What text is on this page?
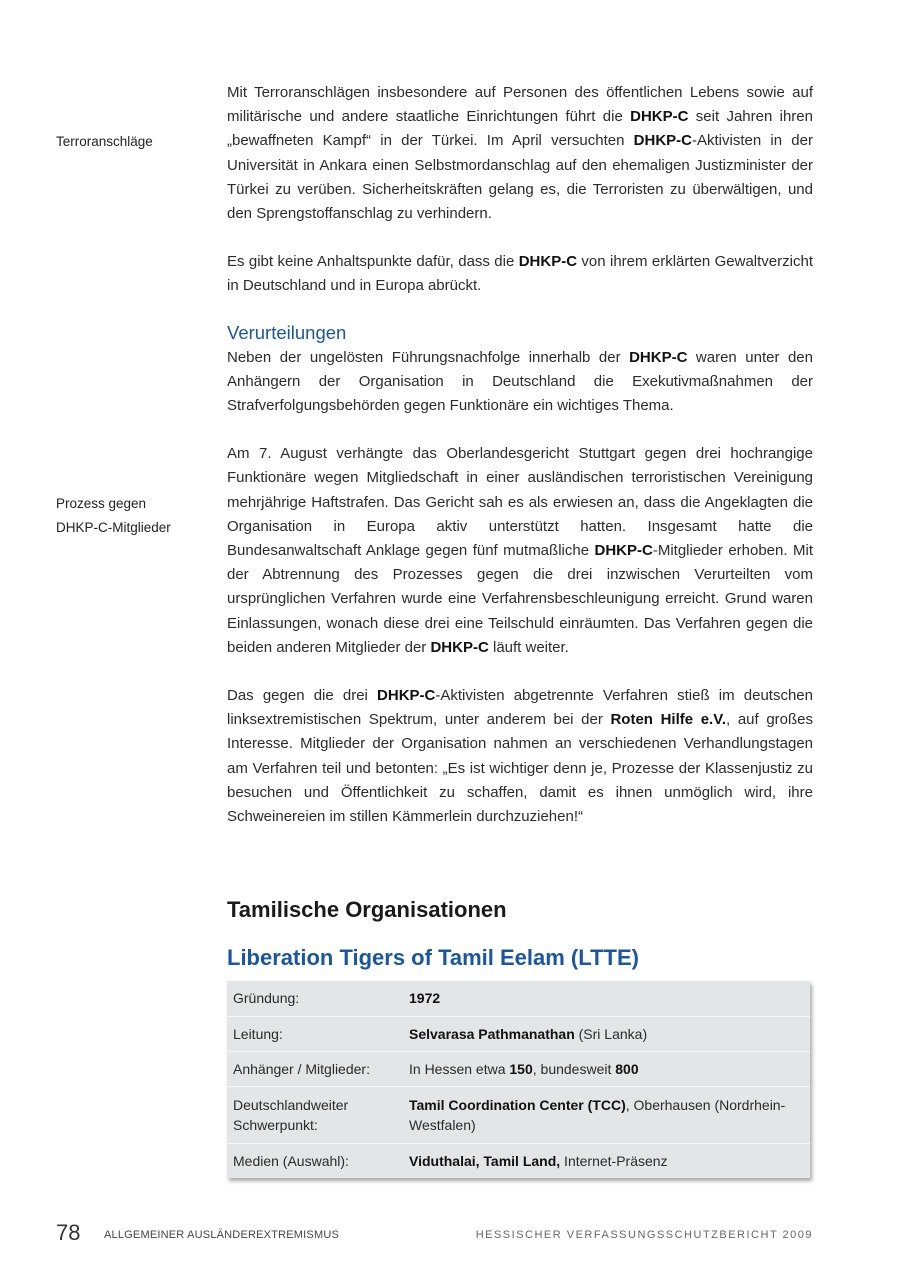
Terroranschläge
Prozess gegen
DHKP-C-Mitglieder

Mit Terroranschlägen insbesondere auf Personen des öffentlichen Lebens sowie auf militärische und andere staatliche Einrichtungen führt die DHKP-C seit Jahren ihren „bewaffneten Kampf“ in der Türkei. Im April versuchten DHKP-C-Aktivisten in der Universität in Ankara einen Selbstmordanschlag auf den ehemaligen Justizminister der Türkei zu verüben. Sicherheitskräften gelang es, die Terroristen zu überwältigen, und den Sprengstoffanschlag zu verhindern.

Es gibt keine Anhaltspunkte dafür, dass die DHKP-C von ihrem erklärten Gewaltverzicht in Deutschland und in Europa abrückt.

Verurteilungen

Neben der ungelösten Führungsnachfolge innerhalb der DHKP-C waren unter den Anhängern der Organisation in Deutschland die Exekutivmaßnahmen der Strafverfolgungsbehörden gegen Funktionäre ein wichtiges Thema.

Am 7. August verhängte das Oberlandesgericht Stuttgart gegen drei hochrangige Funktionäre wegen Mitgliedschaft in einer ausländischen terroristischen Vereinigung mehrjährige Haftstrafen. Das Gericht sah es als erwiesen an, dass die Angeklagten die Organisation in Europa aktiv unterstützt hatten. Insgesamt hatte die Bundesanwaltschaft Anklage gegen fünf mutmaßliche DHKP-C-Mitglieder erhoben. Mit der Abtrennung des Prozesses gegen die drei inzwischen Verurteilten vom ursprünglichen Verfahren wurde eine Verfahrensbeschleunigung erreicht. Grund waren Einlassungen, wonach diese drei eine Teilschuld einräumten. Das Verfahren gegen die beiden anderen Mitglieder der DHKP-C läuft weiter.

Das gegen die drei DHKP-C-Aktivisten abgetrennte Verfahren stieß im deutschen linksextremistischen Spektrum, unter anderem bei der Roten Hilfe e.V., auf großes Interesse. Mitglieder der Organisation nahmen an verschiedenen Verhandlungstagen am Verfahren teil und betonten: „Es ist wichtiger denn je, Prozesse der Klassenjustiz zu besuchen und Öffentlichkeit zu schaffen, damit es ihnen unmöglich wird, ihre Schweinereien im stillen Kämmerlein durchzuziehen!“

Tamilische Organisationen
Liberation Tigers of Tamil Eelam (LTTE)
Gründung:	1972
Leitung:	Selvarasa Pathmanathan (Sri Lanka)
Anhänger / Mitglieder:	In Hessen etwa 150, bundesweit 800
Deutschlandweiter Schwerpunkt:	Tamil Coordination Center (TCC), Oberhausen (Nordrhein-Westfalen)
Medien (Auswahl):	Viduthalai, Tamil Land, Internet-Präsenz
78 ALLGEMEINER AUSLÄNDEREXTREMISMUS	HESSISCHER VERFASSUNGSSCHUTZBERICHT 2009
